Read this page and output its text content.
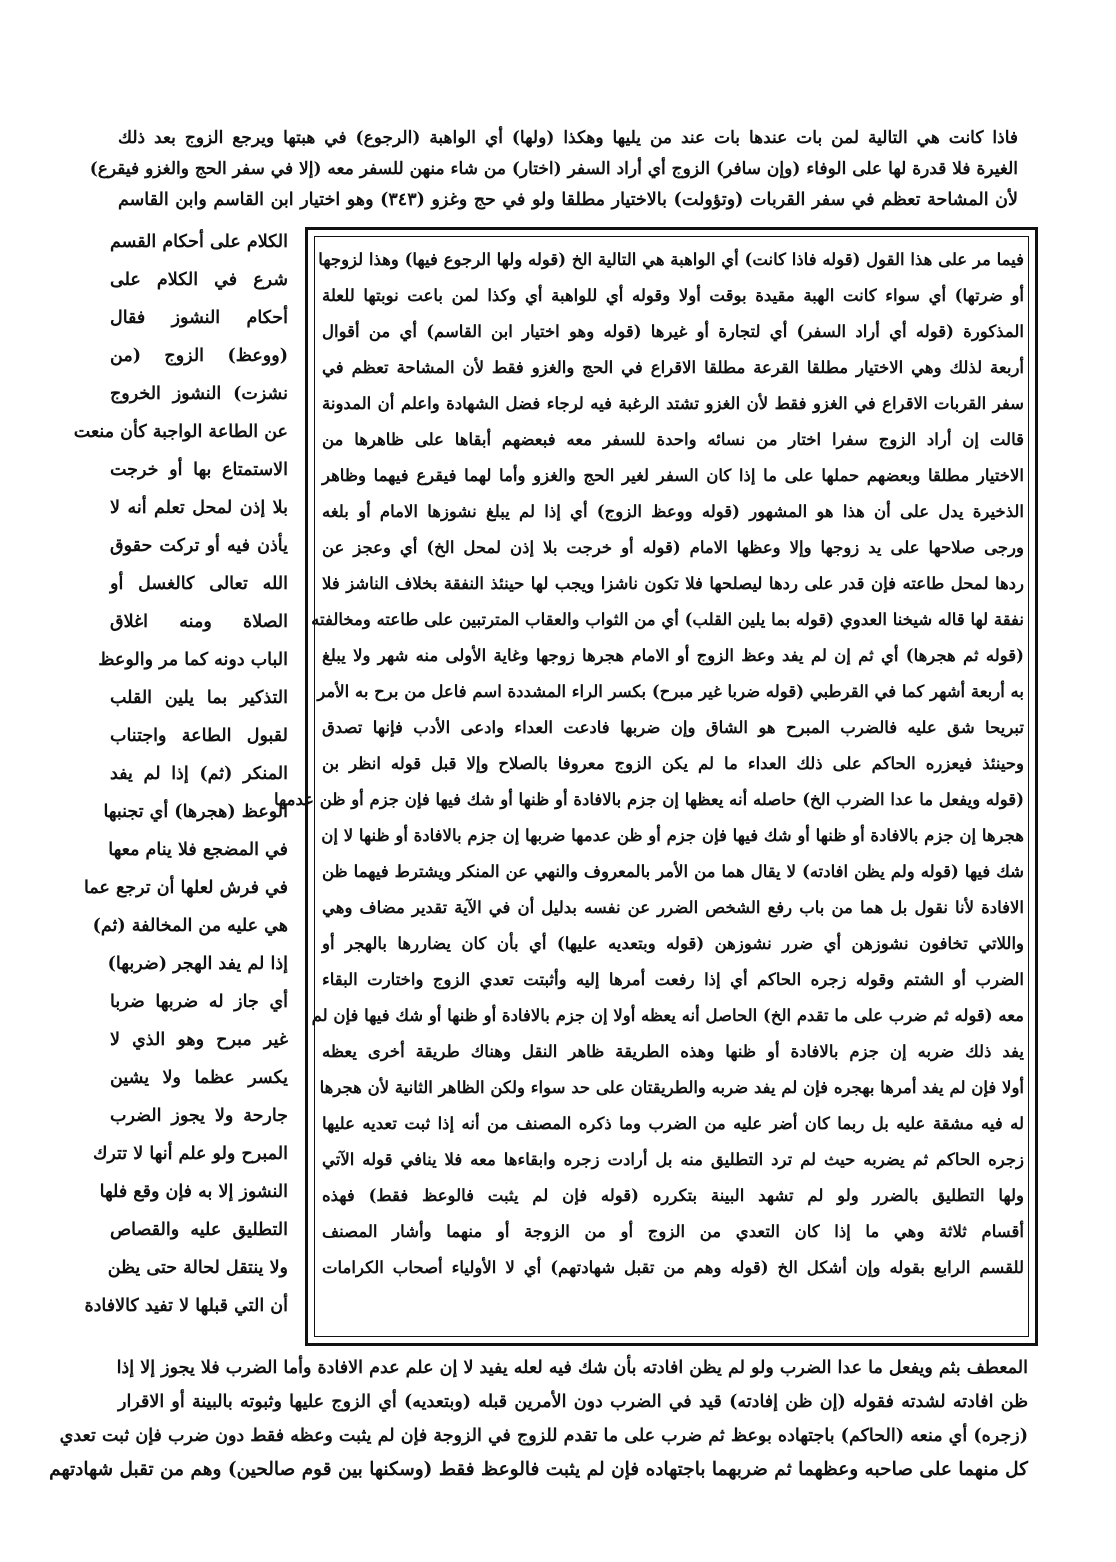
فاذا كانت هي التالية لمن بات عندها بات عند من يليها وهكذا (ولها) أي الواهبة (الرجوع) في هبتها ويرجع الزوج بعد ذلك
الغيرة فلا قدرة لها على الوفاء (وإن سافر) الزوج أي أراد السفر (اختار) من شاء منهن للسفر معه (إلا في سفر الحج والغزو فيقرع)
لأن المشاحة تعظم في سفر القربات (وتؤولت) بالاختيار مطلقا ولو في حج وغزو (٣٤٣) وهو اختيار ابن القاسم وابن القاسم
فيما مر على هذا القول (قوله فاذا كانت) أي الواهبة هي التالية الخ (قوله ولها الرجوع فيها) وهذا لزوجها
أو ضرتها) أي سواء كانت الهبة مقيدة بوقت أولا وقوله أي للواهبة أي وكذا لمن باعت نوبتها للعلة
المذكورة (قوله أي أراد السفر) أي لتجارة أو غيرها (قوله وهو اختيار ابن القاسم) أي من أقوال
أربعة لذلك وهي الاختيار مطلقا القرعة مطلقا الاقراع في الحج والغزو فقط لأن المشاحة تعظم في
سفر القربات الاقراع في الغزو فقط لأن الغزو تشتد الرغبة فيه لرجاء فضل الشهادة واعلم أن المدونة
قالت إن أراد الزوج سفرا اختار من نسائه واحدة للسفر معه فبعضهم أبقاها على ظاهرها من
الاختيار مطلقا وبعضهم حملها على ما إذا كان السفر لغير الحج والغزو وأما لهما فيقرع فيهما وظاهر
الذخيرة يدل على أن هذا هو المشهور (قوله ووعظ الزوج) أي إذا لم يبلغ نشوزها الامام أو بلغه
ورجى صلاحها على يد زوجها وإلا وعظها الامام (قوله أو خرجت بلا إذن لمحل الخ) أي وعجز عن
ردها لمحل طاعته فإن قدر على ردها ليصلحها فلا تكون ناشزا ويجب لها حينئذ النفقة بخلاف الناشز فلا
نفقة لها قاله شيخنا العدوي (قوله بما يلين القلب) أي من الثواب والعقاب المترتبين على طاعته ومخالفته
(قوله ثم هجرها) أي ثم إن لم يفد وعظ الزوج أو الامام هجرها زوجها وغاية الأولى منه شهر ولا يبلغ
به أربعة أشهر كما في القرطبي (قوله ضربا غير مبرح) بكسر الراء المشددة اسم فاعل من برح به الأمر
تبريحا شق عليه فالضرب المبرح هو الشاق وإن ضربها فادعت العداء وادعى الأدب فإنها تصدق
وحينئذ فيعزره الحاكم على ذلك العداء ما لم يكن الزوج معروفا بالصلاح وإلا قبل قوله انظر بن
(قوله ويفعل ما عدا الضرب الخ) حاصله أنه يعظها إن جزم بالافادة أو ظنها أو شك فيها فإن جزم أو ظن عدمها
هجرها إن جزم بالافادة أو ظنها أو شك فيها فإن جزم أو ظن عدمها ضربها إن جزم بالافادة أو ظنها لا إن
شك فيها (قوله ولم يظن افادته) لا يقال هما من الأمر بالمعروف والنهي عن المنكر ويشترط فيهما ظن
الافادة لأنا نقول بل هما من باب رفع الشخص الضرر عن نفسه بدليل أن في الآية تقدير مضاف وهي
واللاتي تخافون نشوزهن أي ضرر نشوزهن (قوله وبتعديه عليها) أي بأن كان يضاررها بالهجر أو
الضرب أو الشتم وقوله زجره الحاكم أي إذا رفعت أمرها إليه وأثبتت تعدي الزوج واختارت البقاء
معه (قوله ثم ضرب على ما تقدم الخ) الحاصل أنه يعظه أولا إن جزم بالافادة أو ظنها أو شك فيها فإن لم
يفد ذلك ضربه إن جزم بالافادة أو ظنها وهذه الطريقة ظاهر النقل وهناك طريقة أخرى يعظه
أولا فإن لم يفد أمرها بهجره فإن لم يفد ضربه والطريقتان على حد سواء ولكن الظاهر الثانية لأن هجرها
له فيه مشقة عليه بل ربما كان أضر عليه من الضرب وما ذكره المصنف من أنه إذا ثبت تعديه عليها
زجره الحاكم ثم يضربه حيث لم ترد التطليق منه بل أرادت زجره وابقاءها معه فلا ينافي قوله الآتي
ولها التطليق بالضرر ولو لم تشهد البينة بتكرره (قوله فإن لم يثبت فالوعظ فقط) فهذه
أقسام ثلاثة وهي ما إذا كان التعدي من الزوج أو من الزوجة أو منهما وأشار المصنف
للقسم الرابع بقوله وإن أشكل الخ (قوله وهم من تقبل شهادتهم) أي لا الأولياء أصحاب الكرامات
الكلام على أحكام القسم
شرع في الكلام على
أحكام النشوز فقال
(ووعظ) الزوج (من
نشزت) النشوز الخروج
عن الطاعة الواجبة كأن منعت
الاستمتاع بها أو خرجت
بلا إذن لمحل تعلم أنه لا
يأذن فيه أو تركت حقوق
الله تعالى كالغسل أو
الصلاة ومنه اغلاق
الباب دونه كما مر والوعظ
التذكير بما يلين القلب
لقبول الطاعة واجتناب
المنكر (ثم) إذا لم يفد
الوعظ (هجرها) أي تجنبها
في المضجع فلا ينام معها
في فرش لعلها أن ترجع عما
هي عليه من المخالفة (ثم)
إذا لم يفد الهجر (ضربها)
أي جاز له ضربها ضربا
غير مبرح وهو الذي لا
يكسر عظما ولا يشين
جارحة ولا يجوز الضرب
المبرح ولو علم أنها لا تترك
النشوز إلا به فإن وقع فلها
التطليق عليه والقصاص
ولا ينتقل لحالة حتى يظن
أن التي قبلها لا تفيد كالافادة
المعطف بثم ويفعل ما عدا الضرب ولو لم يظن افادته بأن شك فيه لعله يفيد لا إن علم عدم الافادة وأما الضرب فلا يجوز إلا إذا
ظن افادته لشدته فقوله (إن ظن إفادته) قيد في الضرب دون الأمرين قبله (وبتعديه) أي الزوج عليها وثبوته بالبينة أو الاقرار
(زجره) أي منعه (الحاكم) باجتهاده بوعظ ثم ضرب على ما تقدم للزوج في الزوجة فإن لم يثبت وعظه فقط دون ضرب فإن ثبت تعدي
كل منهما على صاحبه وعظهما ثم ضربهما باجتهاده فإن لم يثبت فالوعظ فقط (وسكنها بين قوم صالحين) وهم من تقبل شهادتهم
